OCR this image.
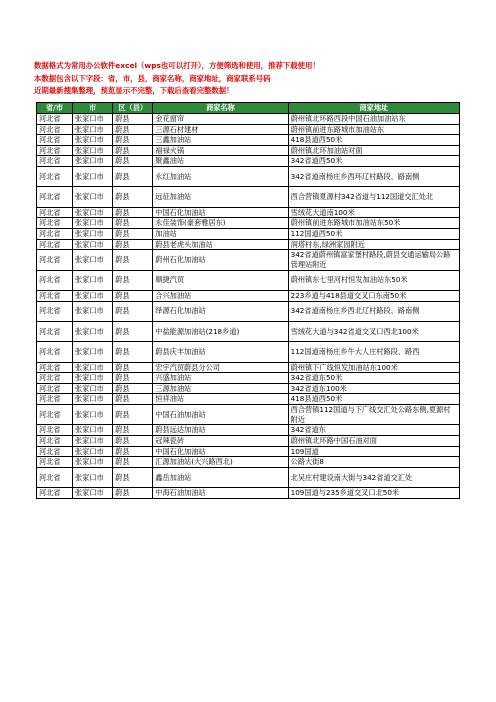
数据格式为常用办公软件excel（wps也可以打开），方便筛选和使用，推荐下载使用！
本数据包含以下字段：省，市，县，商家名称，商家地址，商家联系号码
近期最新搜集整理，预览显示不完整，下载后查看完整数据！
省/市	市	区（县）	商家名称	商家地址
河北省	张家口市	蔚县	金花窗帘	蔚州镇北环路西段中国石油加油站东
河北省	张家口市	蔚县	三源石材建材	蔚州镇前进东路城市加油站东
河北省	张家口市	蔚县	三鑫加油站	418县道西50米
河北省	张家口市	蔚县	福禄火锅	蔚州镇北环加油站对面
河北省	张家口市	蔚县	聚鑫油站	342省道西50米
河北省	张家口市	蔚县	永红加油站	342省道南杨庄乡西环辽村路段、路南侧
河北省	张家口市	蔚县	远征加油站	西合营镇夏源村342省道与112国道交汇处北
河北省	张家口市	蔚县	中国石化加油站	雪绒花大道南100米
河北省	张家口市	蔚县	永佳装饰(豪套雅居东)	蔚州镇前进东路城市加油站东50米
河北省	张家口市	蔚县	加油站	112国道西50米
河北省	张家口市	蔚县	蔚县老虎头加油站	润塔村东,绿洲家园附近
河北省	张家口市	蔚县	蔚州石化加油站	342省道蔚州镇富家堡村路段,蔚县交通运输局公路管理站附近
河北省	张家口市	蔚县	顺捷汽贸	蔚州镇东七里河村恒发加油站东50米
河北省	张家口市	蔚县	合兴加油站	223乡道与418县道交叉口东南50米
河北省	张家口市	蔚县	绎源石化加油站	342省道南杨庄乡西北辽村路段、路南侧
河北省	张家口市	蔚县	中盐能源加油站(218乡道)	雪绒花大道与342省道交叉口西北100米
河北省	张家口市	蔚县	蔚县庆丰加油站	112国道南杨庄乡牛大人庄村路段、路西
河北省	张家口市	蔚县	宏宇汽贸蔚县分公司	蔚州镇下广线恒发加油站东100米
河北省	张家口市	蔚县	兴盛加油站	342省道东50米
河北省	张家口市	蔚县	三源加油站	342省道东100米
河北省	张家口市	蔚县	恒祥油站	418县道西50米
河北省	张家口市	蔚县	中国石油加油站	西合营镇112国道与下广线交汇处公路东侧,夏源村附近
河北省	张家口市	蔚县	蔚县远达加油站	342省道东
河北省	张家口市	蔚县	冠辣瓷砖	蔚州镇北环路中国石油对面
河北省	张家口市	蔚县	中国石化加油站	109国道
河北省	张家口市	蔚县	汇源加油站(大兴路西北)	公路大街8
河北省	张家口市	蔚县	鑫岳加油站	北吴庄村建设南大街与342省道交汇处
河北省	张家口市	蔚县	中海石油加油站	109国道与235乡道交叉口北50米
